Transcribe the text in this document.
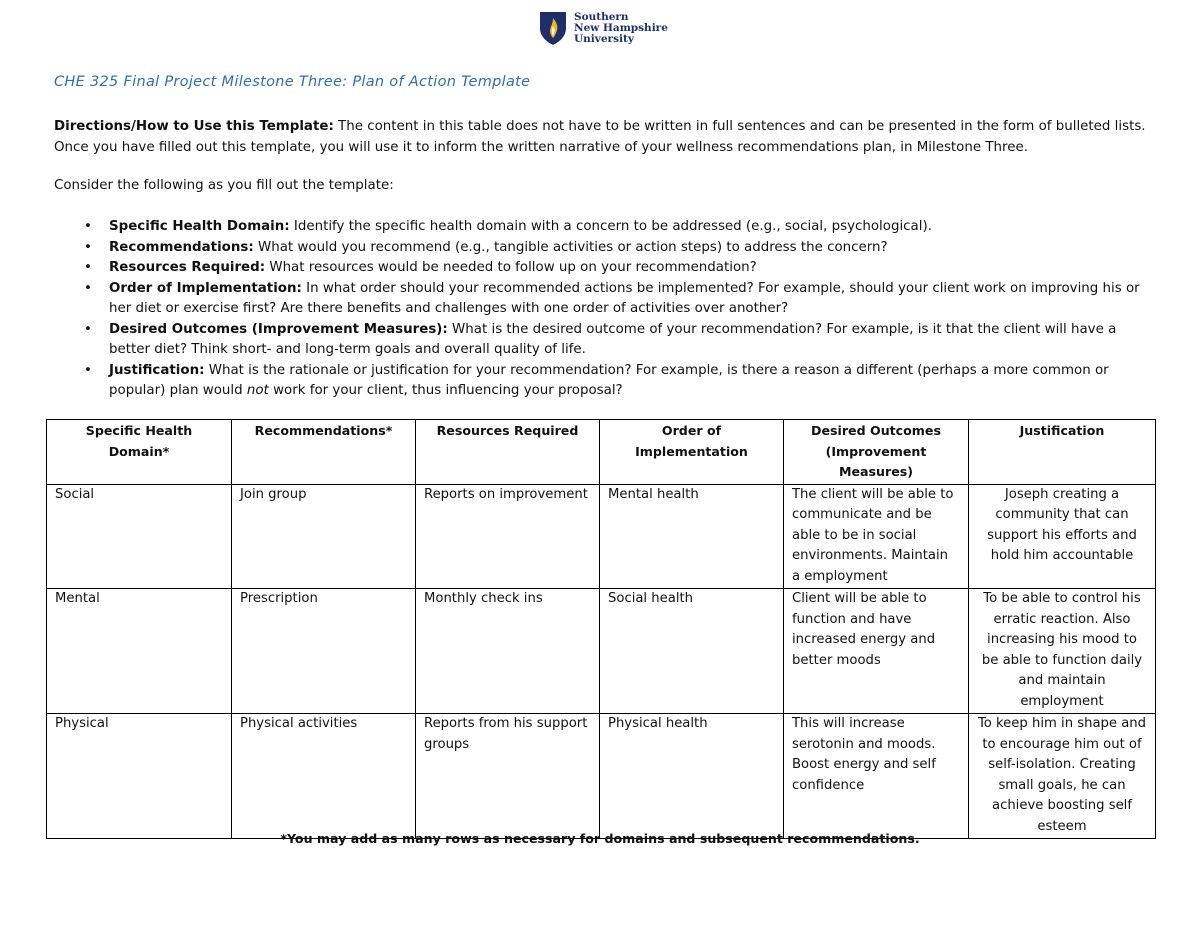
Southern
New Hampshire
University
CHE 325 Final Project Milestone Three: Plan of Action Template
Directions/How to Use this Template: The content in this table does not have to be written in full sentences and can be presented in the form of bulleted lists. Once you have filled out this template, you will use it to inform the written narrative of your wellness recommendations plan, in Milestone Three.
Consider the following as you fill out the template:
• Specific Health Domain: Identify the specific health domain with a concern to be addressed (e.g., social, psychological).
• Recommendations: What would you recommend (e.g., tangible activities or action steps) to address the concern?
• Resources Required: What resources would be needed to follow up on your recommendation?
• Order of Implementation: In what order should your recommended actions be implemented? For example, should your client work on improving his or her diet or exercise first? Are there benefits and challenges with one order of activities over another?
• Desired Outcomes (Improvement Measures): What is the desired outcome of your recommendation? For example, is it that the client will have a better diet? Think short- and long-term goals and overall quality of life.
• Justification: What is the rationale or justification for your recommendation? For example, is there a reason a different (perhaps a more common or popular) plan would not work for your client, thus influencing your proposal?
Specific Health Domain*	Recommendations*	Resources Required	Order of Implementation	Desired Outcomes (Improvement Measures)	Justification
Social	Join group	Reports on improvement	Mental health	The client will be able to communicate and be able to be in social environments. Maintain a employment	Joseph creating a community that can support his efforts and hold him accountable
Mental	Prescription	Monthly check ins	Social health	Client will be able to function and have increased energy and better moods	To be able to control his erratic reaction. Also increasing his mood to be able to function daily and maintain employment
Physical	Physical activities	Reports from his support groups	Physical health	This will increase serotonin and moods. Boost energy and self confidence	To keep him in shape and to encourage him out of self-isolation. Creating small goals, he can achieve boosting self esteem
*You may add as many rows as necessary for domains and subsequent recommendations.
